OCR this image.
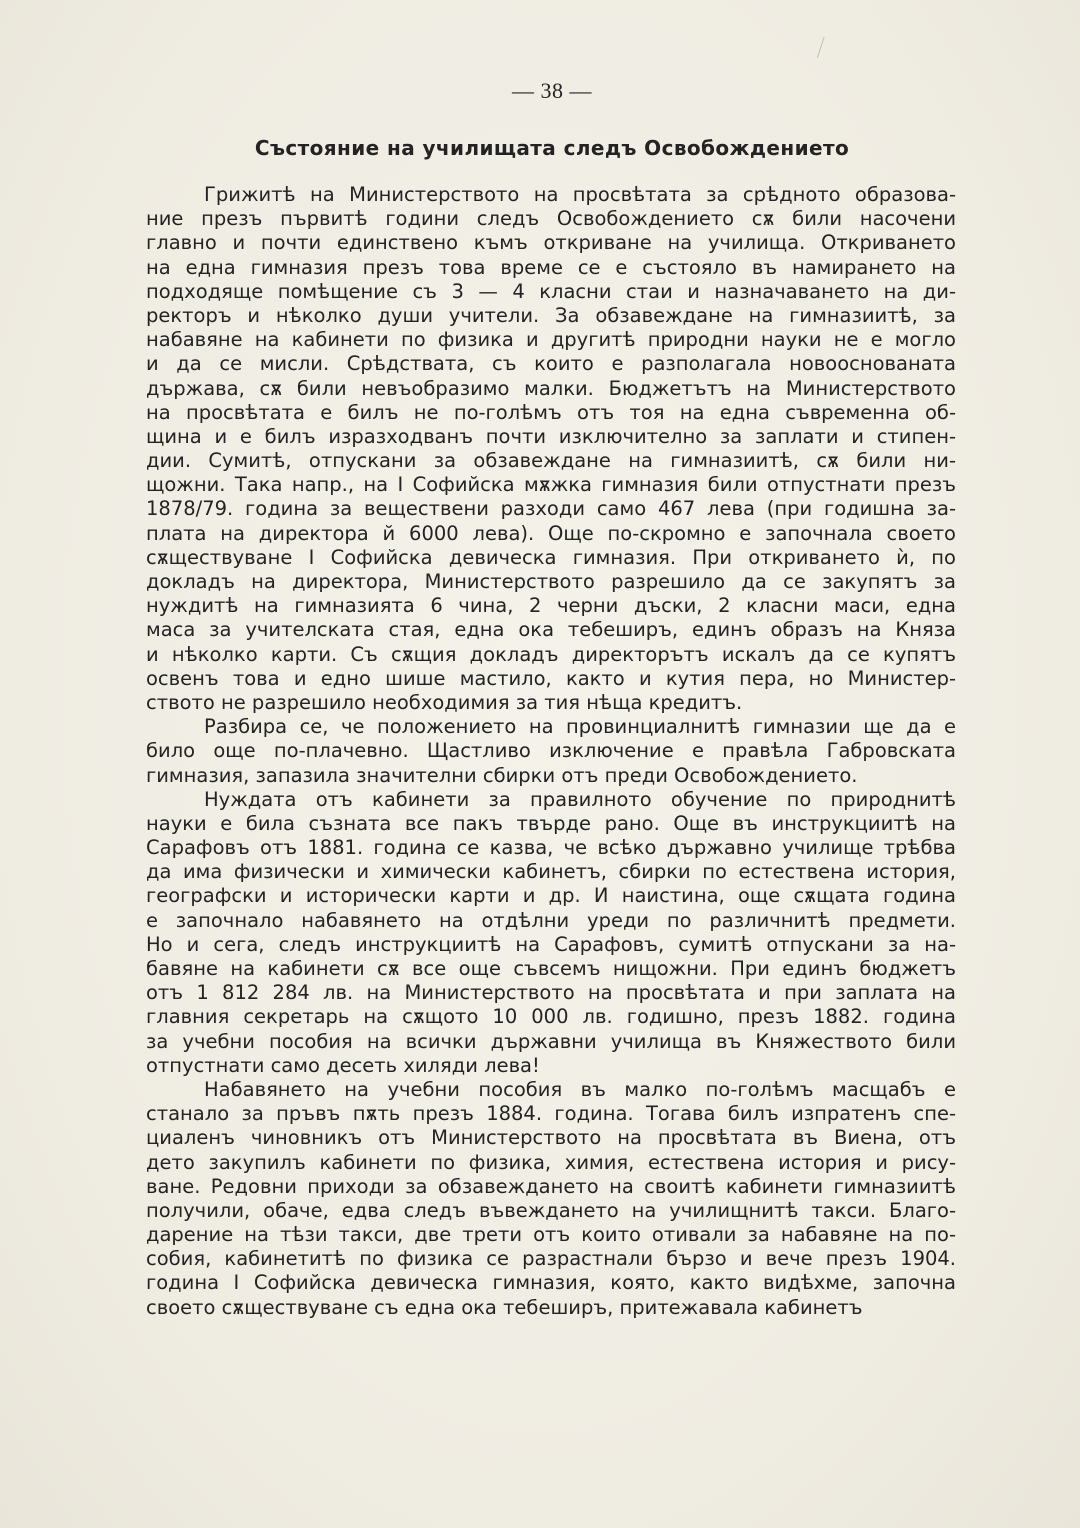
— 38 —
Състояние на училищата следъ Освобождението
Грижитѣ на Министерството на просвѣтата за срѣдното образова-
ние презъ първитѣ години следъ Освобождението сѫ били насочени
главно и почти единствено къмъ откриване на училища. Откриването
на една гимназия презъ това време се е състояло въ намирането на
подходяще помѣщение съ 3 — 4 класни стаи и назначаването на ди-
ректоръ и нѣколко души учители. За обзавеждане на гимназиитѣ, за
набавяне на кабинети по физика и другитѣ природни науки не е могло
и да се мисли. Срѣдствата, съ които е разполагала новооснованата
държава, сѫ били невъобразимо малки. Бюджетътъ на Министерството
на просвѣтата е билъ не по-голѣмъ отъ тоя на една съвременна об-
щина и е билъ изразходванъ почти изключително за заплати и стипен-
дии. Сумитѣ, отпускани за обзавеждане на гимназиитѣ, сѫ били ни-
щожни. Така напр., на I Софийска мѫжка гимназия били отпустнати презъ
1878/79. година за веществени разходи само 467 лева (при годишна за-
плата на директора й 6000 лева). Още по-скромно е започнала своето
сѫществуване I Софийска девическа гимназия. При откриването ѝ, по
докладъ на директора, Министерството разрешило да се закупятъ за
нуждитѣ на гимназията 6 чина, 2 черни дъски, 2 класни маси, една
маса за учителската стая, една ока тебеширъ, единъ образъ на Княза
и нѣколко карти. Съ сѫщия докладъ директорътъ искалъ да се купятъ
освенъ това и едно шише мастило, както и кутия пера, но Министер-
ството не разрешило необходимия за тия нѣща кредитъ.
Разбира се, че положението на провинциалнитѣ гимназии ще да е
било още по-плачевно. Щастливо изключение е правѣла Габровската
гимназия, запазила значителни сбирки отъ преди Освобождението.
Нуждата отъ кабинети за правилното обучение по природнитѣ
науки е била съзната все пакъ твърде рано. Още въ инструкциитѣ на
Сарафовъ отъ 1881. година се казва, че всѣко държавно училище трѣбва
да има физически и химически кабинетъ, сбирки по естествена история,
географски и исторически карти и др. И наистина, още сѫщата година
е започнало набавянето на отдѣлни уреди по различнитѣ предмети.
Но и сега, следъ инструкциитѣ на Сарафовъ, сумитѣ отпускани за на-
бавяне на кабинети сѫ все още съвсемъ нищожни. При единъ бюджетъ
отъ 1 812 284 лв. на Министерството на просвѣтата и при заплата на
главния секретарь на сѫщото 10 000 лв. годишно, презъ 1882. година
за учебни пособия на всички държавни училища въ Княжеството били
отпустнати само десеть хиляди лева!
Набавянето на учебни пособия въ малко по-голѣмъ масщабъ е
станало за пръвъ пѫть презъ 1884. година. Тогава билъ изпратенъ спе-
циаленъ чиновникъ отъ Министерството на просвѣтата въ Виена, отъ
дето закупилъ кабинети по физика, химия, естествена история и рису-
ване. Редовни приходи за обзавеждането на своитѣ кабинети гимназиитѣ
получили, обаче, едва следъ въвеждането на училищнитѣ такси. Благо-
дарение на тѣзи такси, две трети отъ които отивали за набавяне на по-
собия, кабинетитѣ по физика се разрастнали бързо и вече презъ 1904.
година I Софийска девическа гимназия, която, както видѣхме, започна
своето сѫществуване съ една ока тебеширъ, притежавала кабинетъ
